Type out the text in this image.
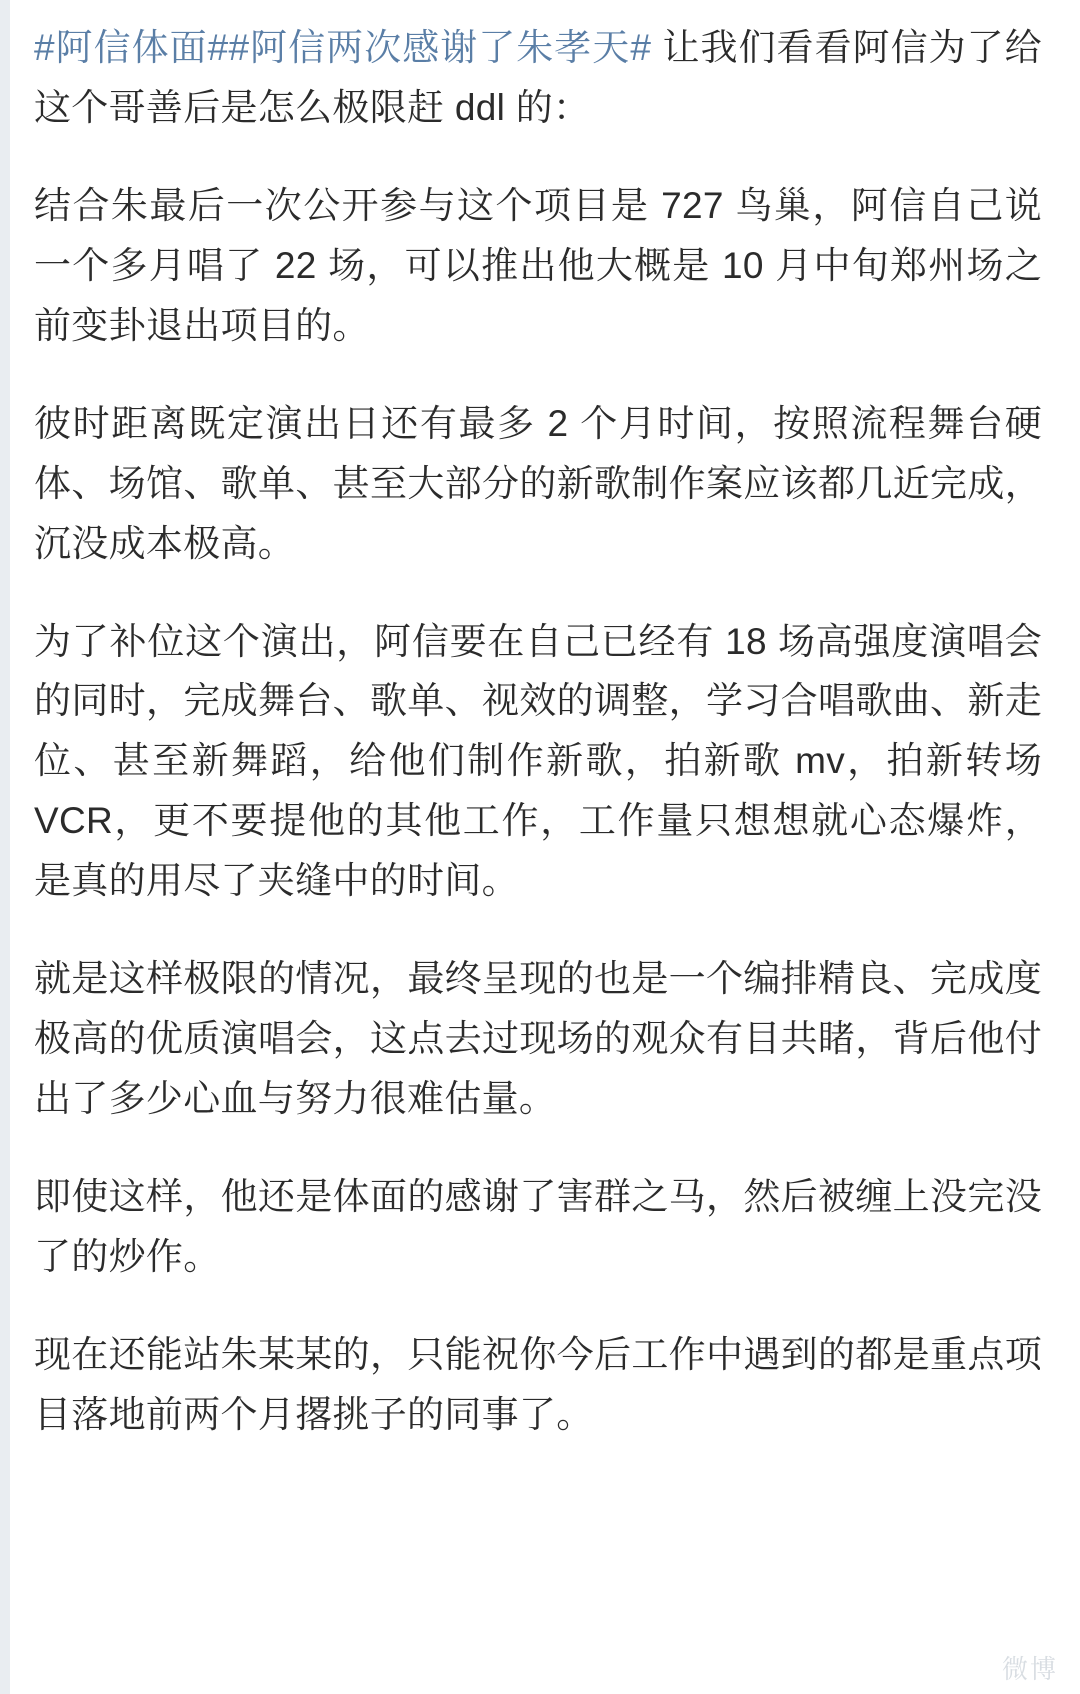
#阿信体面##阿信两次感谢了朱孝天# 让我们看看阿信为了给这个哥善后是怎么极限赶 ddl 的：

结合朱最后一次公开参与这个项目是 727 鸟巢，阿信自己说一个多月唱了 22 场，可以推出他大概是 10 月中旬郑州场之前变卦退出项目的。

彼时距离既定演出日还有最多 2 个月时间，按照流程舞台硬体、场馆、歌单、甚至大部分的新歌制作案应该都几近完成，沉没成本极高。

为了补位这个演出，阿信要在自己已经有 18 场高强度演唱会的同时，完成舞台、歌单、视效的调整，学习合唱歌曲、新走位、甚至新舞蹈，给他们制作新歌，拍新歌 mv，拍新转场 VCR，更不要提他的其他工作，工作量只想想就心态爆炸，是真的用尽了夹缝中的时间。

就是这样极限的情况，最终呈现的也是一个编排精良、完成度极高的优质演唱会，这点去过现场的观众有目共睹，背后他付出了多少心血与努力很难估量。

即使这样，他还是体面的感谢了害群之马，然后被缠上没完没了的炒作。

现在还能站朱某某的，只能祝你今后工作中遇到的都是重点项目落地前两个月撂挑子的同事了。

微博
